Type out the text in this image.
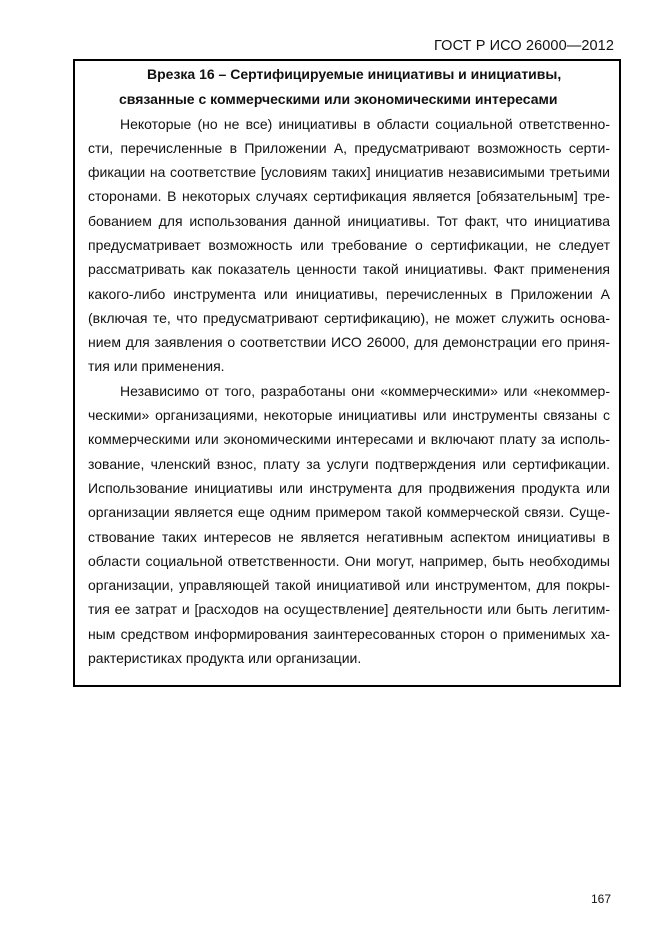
ГОСТ Р ИСО 26000—2012
Врезка 16 – Сертифицируемые инициативы и инициативы,
связанные с коммерческими или экономическими интересами
Некоторые (но не все) инициативы в области социальной ответственно-
сти, перечисленные в Приложении А, предусматривают возможность серти-
фикации на соответствие [условиям таких] инициатив независимыми третьими
сторонами. В некоторых случаях сертификация является [обязательным] тре-
бованием для использования данной инициативы. Тот факт, что инициатива
предусматривает возможность или требование о сертификации, не следует
рассматривать как показатель ценности такой инициативы. Факт применения
какого-либо инструмента или инициативы, перечисленных в Приложении А
(включая те, что предусматривают сертификацию), не может служить основа-
нием для заявления о соответствии ИСО 26000, для демонстрации его приня-
тия или применения.
Независимо от того, разработаны они «коммерческими» или «некоммер-
ческими» организациями, некоторые инициативы или инструменты связаны с
коммерческими или экономическими интересами и включают плату за исполь-
зование, членский взнос, плату за услуги подтверждения или сертификации.
Использование инициативы или инструмента для продвижения продукта или
организации является еще одним примером такой коммерческой связи. Суще-
ствование таких интересов не является негативным аспектом инициативы в
области социальной ответственности. Они могут, например, быть необходимы
организации, управляющей такой инициативой или инструментом, для покры-
тия ее затрат и [расходов на осуществление] деятельности или быть легитим-
ным средством информирования заинтересованных сторон о применимых ха-
рактеристиках продукта или организации.
167
